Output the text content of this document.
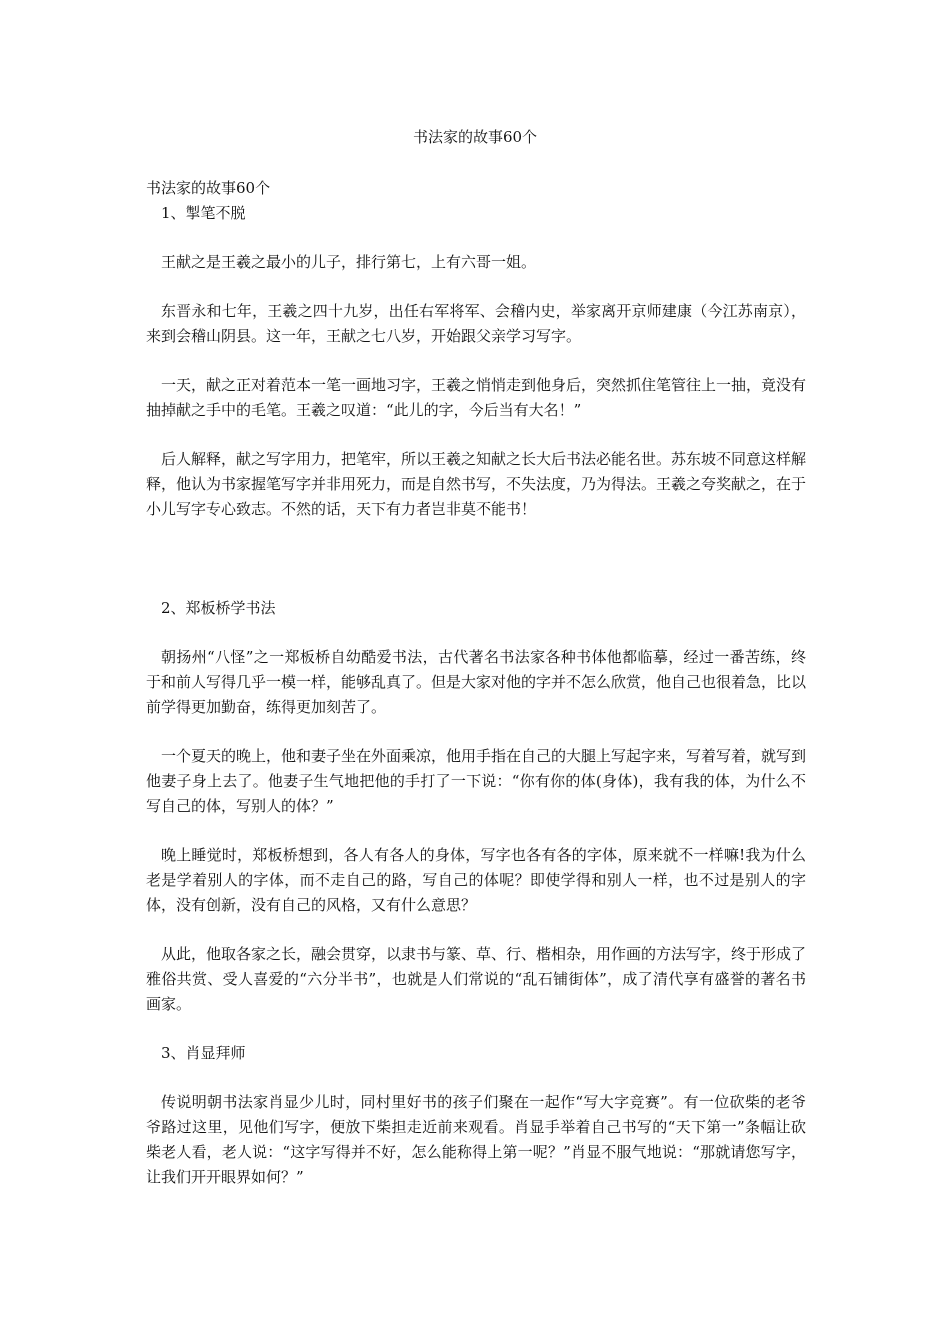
书法家的故事60个

书法家的故事60个

1、掣笔不脱

王献之是王羲之最小的儿子，排行第七，上有六哥一姐。

东晋永和七年，王羲之四十九岁，出任右军将军、会稽内史，举家离开京师建康（今江苏南京），来到会稽山阴县。这一年，王献之七八岁，开始跟父亲学习写字。

一天，献之正对着范本一笔一画地习字，王羲之悄悄走到他身后，突然抓住笔管往上一抽，竟没有抽掉献之手中的毛笔。王羲之叹道：“此儿的字，今后当有大名！”

后人解释，献之写字用力，把笔牢，所以王羲之知献之长大后书法必能名世。苏东坡不同意这样解释，他认为书家握笔写字并非用死力，而是自然书写，不失法度，乃为得法。王羲之夸奖献之，在于小儿写字专心致志。不然的话，天下有力者岂非莫不能书！

2、郑板桥学书法

朝扬州“八怪”之一郑板桥自幼酷爱书法，古代著名书法家各种书体他都临摹，经过一番苦练，终于和前人写得几乎一模一样，能够乱真了。但是大家对他的字并不怎么欣赏，他自己也很着急，比以前学得更加勤奋，练得更加刻苦了。

一个夏天的晚上，他和妻子坐在外面乘凉，他用手指在自己的大腿上写起字来，写着写着，就写到他妻子身上去了。他妻子生气地把他的手打了一下说：“你有你的体(身体)，我有我的体，为什么不写自己的体，写别人的体？”

晚上睡觉时，郑板桥想到，各人有各人的身体，写字也各有各的字体，原来就不一样嘛!我为什么老是学着别人的字体，而不走自己的路，写自己的体呢？即使学得和别人一样，也不过是别人的字体，没有创新，没有自己的风格，又有什么意思？

从此，他取各家之长，融会贯穿，以隶书与篆、草、行、楷相杂，用作画的方法写字，终于形成了雅俗共赏、受人喜爱的“六分半书”，也就是人们常说的“乱石铺街体”，成了清代享有盛誉的著名书画家。

3、肖显拜师

传说明朝书法家肖显少儿时，同村里好书的孩子们聚在一起作“写大字竞赛”。有一位砍柴的老爷爷路过这里，见他们写字，便放下柴担走近前来观看。肖显手举着自己书写的“天下第一”条幅让砍柴老人看，老人说：“这字写得并不好，怎么能称得上第一呢？”肖显不服气地说：“那就请您写字，让我们开开眼界如何？”
